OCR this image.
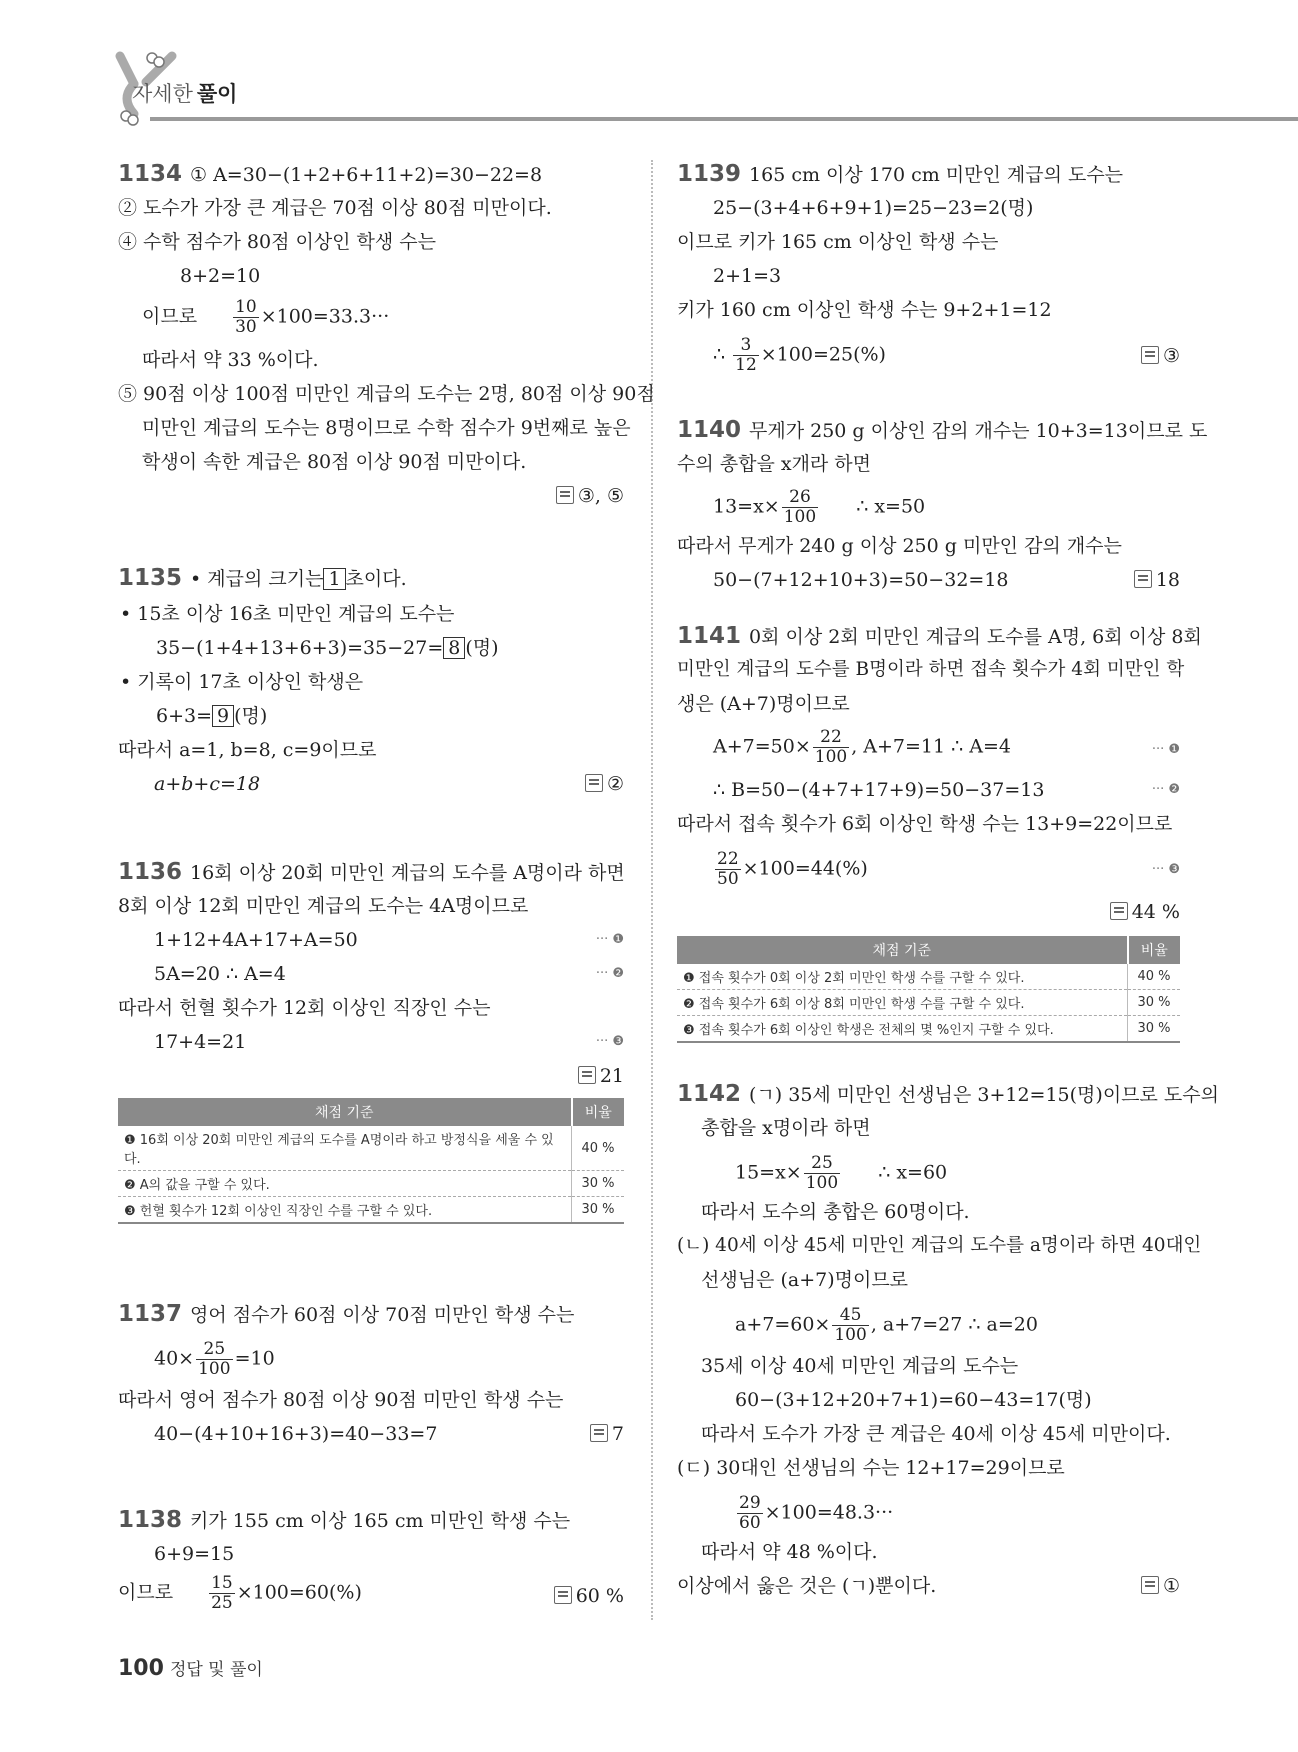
자세한 풀이
1134 ① A=30−(1+2+6+11+2)=30−22=8
② 도수가 가장 큰 계급은 70점 이상 80점 미만이다.
④ 수학 점수가 80점 이상인 학생 수는
8+2=10
이므로 $\frac{10}{30} \times 100=33.3\cdot\cdot\cdot$
따라서 약 33 %이다.
⑤ 90점 이상 100점 미만인 계급의 도수는 2명, 80점 이상 90점
미만인 계급의 도수는 8명이므로 수학 점수가 9번째로 높은
학생이 속한 계급은 80점 이상 90점 미만이다.
③, ⑤
1135 • 계급의 크기는 1 초이다.
• 15초 이상 16초 미만인 계급의 도수는
35−(1+4+13+6+3)=35−27= 8 (명)
• 기록이 17초 이상인 학생은
6+3= 9 (명)
따라서 a=1, b=8, c=9이므로
a+b+c=18	②
1136 16회 이상 20회 미만인 계급의 도수를 A명이라 하면
8회 이상 12회 미만인 계급의 도수는 4A명이므로
1+12+4A+17+A=50	··· ❶
5A=20 ∴ A=4	··· ❷
따라서 헌혈 횟수가 12회 이상인 직장인 수는
17+4=21	··· ❸
21
채점 기준	비율
❶ 16회 이상 20회 미만인 계급의 도수를 A명이라 하고 방정식을 세울 수 있다.	40 %
❷ A의 값을 구할 수 있다.	30 %
❸ 헌혈 횟수가 12회 이상인 직장인 수를 구할 수 있다.	30 %
1137 영어 점수가 60점 이상 70점 미만인 학생 수는
$40\times \frac{25}{100} =10$
따라서 영어 점수가 80점 이상 90점 미만인 학생 수는
40−(4+10+16+3)=40−33=7	7
1138 키가 155 cm 이상 165 cm 미만인 학생 수는
6+9=15
이므로 $\frac{15}{25} \times 100=60(\%)$	60 %
1139 165 cm 이상 170 cm 미만인 계급의 도수는
25−(3+4+6+9+1)=25−23=2(명)
이므로 키가 165 cm 이상인 학생 수는
2+1=3
키가 160 cm 이상인 학생 수는 9+2+1=12
∴ $\frac{3}{12} \times 100=25(\%)$	③
1140 무게가 250 g 이상인 감의 개수는 10+3=13이므로 도
수의 총합을 x개라 하면
$13=x\times \frac{26}{100}$ ∴ x=50
따라서 무게가 240 g 이상 250 g 미만인 감의 개수는
50−(7+12+10+3)=50−32=18	18
1141 0회 이상 2회 미만인 계급의 도수를 A명, 6회 이상 8회
미만인 계급의 도수를 B명이라 하면 접속 횟수가 4회 미만인 학
생은 (A+7)명이므로
$A+7=50\times \frac{22}{100}$ , A+7=11 ∴ A=4	··· ❶
∴ B=50−(4+7+17+9)=50−37=13	··· ❷
따라서 접속 횟수가 6회 이상인 학생 수는 13+9=22이므로
$\frac{22}{50} \times 100=44(\%)$	··· ❸
44 %
채점 기준	비율
❶ 접속 횟수가 0회 이상 2회 미만인 학생 수를 구할 수 있다.	40 %
❷ 접속 횟수가 6회 이상 8회 미만인 학생 수를 구할 수 있다.	30 %
❸ 접속 횟수가 6회 이상인 학생은 전체의 몇 %인지 구할 수 있다.	30 %
1142 (ㄱ) 35세 미만인 선생님은 3+12=15(명)이므로 도수의
총합을 x명이라 하면
$15=x\times \frac{25}{100}$ ∴ x=60
따라서 도수의 총합은 60명이다.
(ㄴ) 40세 이상 45세 미만인 계급의 도수를 a명이라 하면 40대인
선생님은 (a+7)명이므로
$a+7=60\times \frac{45}{100}$ , a+7=27 ∴ a=20
35세 이상 40세 미만인 계급의 도수는
60−(3+12+20+7+1)=60−43=17(명)
따라서 도수가 가장 큰 계급은 40세 이상 45세 미만이다.
(ㄷ) 30대인 선생님의 수는 12+17=29이므로
$\frac{29}{60} \times 100=48.3\cdot\cdot\cdot$
따라서 약 48 %이다.
이상에서 옳은 것은 (ㄱ)뿐이다.	①
100 정답 및 풀이
